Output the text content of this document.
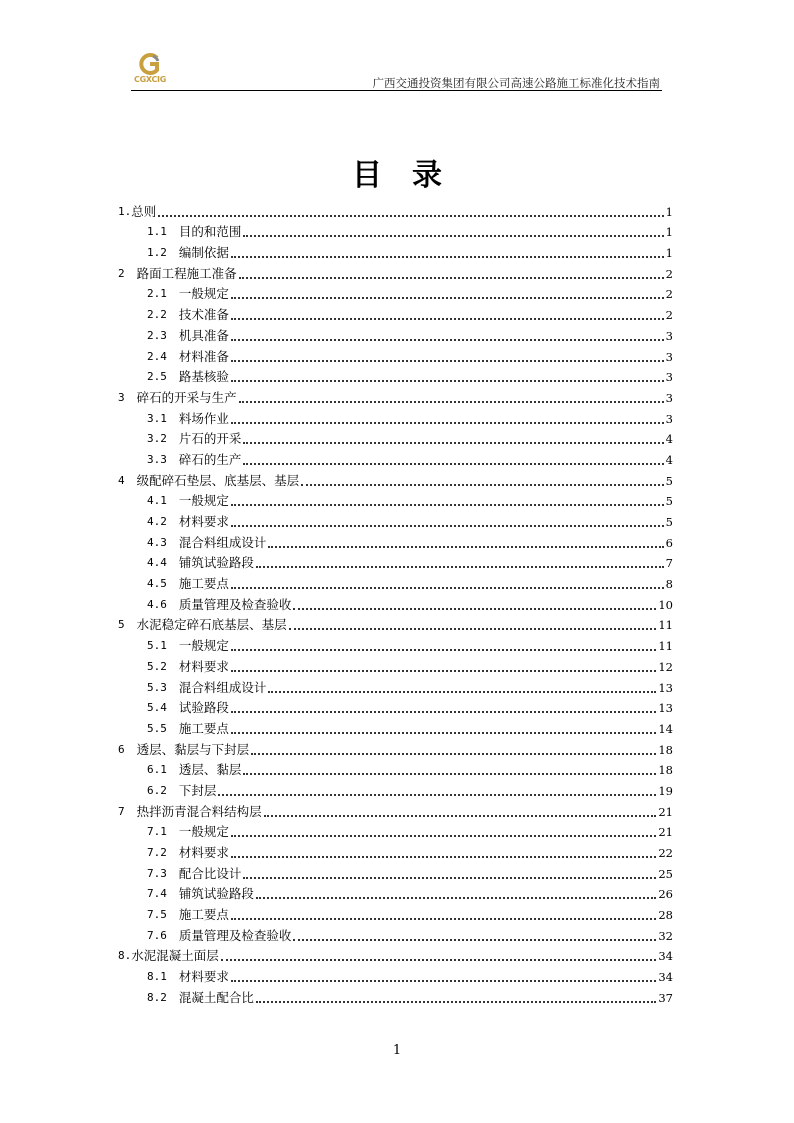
CGXCIG	广西交通投资集团有限公司高速公路施工标准化技术指南
目录
1. 总则	1
1.1 目的和范围	1
1.2 编制依据	1
2 路面工程施工准备	2
2.1 一般规定	2
2.2 技术准备	2
2.3 机具准备	3
2.4 材料准备	3
2.5 路基核验	3
3 碎石的开采与生产	3
3.1 料场作业	3
3.2 片石的开采	4
3.3 碎石的生产	4
4 级配碎石垫层、底基层、基层	5
4.1 一般规定	5
4.2 材料要求	5
4.3 混合料组成设计	6
4.4 铺筑试验路段	7
4.5 施工要点	8
4.6 质量管理及检查验收	10
5 水泥稳定碎石底基层、基层	11
5.1 一般规定	11
5.2 材料要求	12
5.3 混合料组成设计	13
5.4 试验路段	13
5.5 施工要点	14
6 透层、黏层与下封层	18
6.1 透层、黏层	18
6.2 下封层	19
7 热拌沥青混合料结构层	21
7.1 一般规定	21
7.2 材料要求	22
7.3 配合比设计	25
7.4 铺筑试验路段	26
7.5 施工要点	28
7.6 质量管理及检查验收	32
8. 水泥混凝土面层	34
8.1 材料要求	34
8.2 混凝土配合比	37
1
